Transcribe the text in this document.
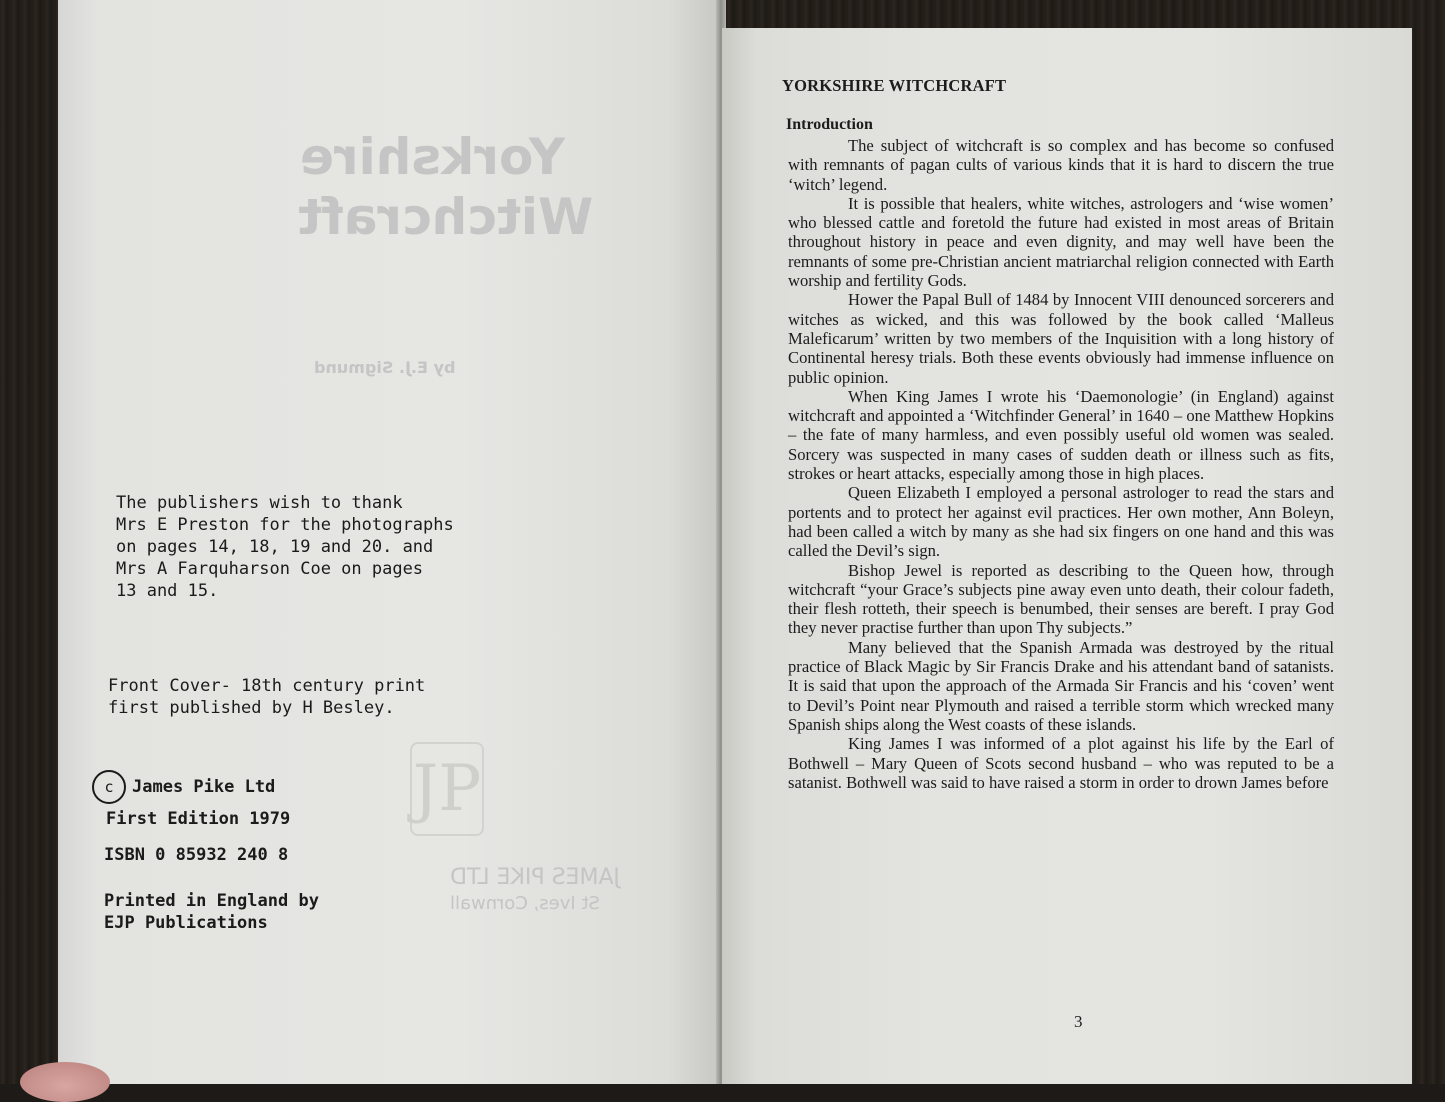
Yorkshire
Witchcraft
by E.J. Sigmund
JP
JAMES PIKE LTD
St Ives, Cornwall
The publishers wish to thank
Mrs E Preston for the photographs
on pages 14, 18, 19 and 20. and
Mrs A Farquharson Coe on pages
13 and 15.
Front Cover- 18th century print
first published by H Besley.
c	James Pike Ltd
First Edition 1979
ISBN 0 85932 240 8
Printed in England by
EJP Publications
YORKSHIRE WITCHCRAFT
Introduction

The subject of witchcraft is so complex and has become so confused with remnants of pagan cults of various kinds that it is hard to discern the true ‘witch’ legend.

It is possible that healers, white witches, astrologers and ‘wise women’ who blessed cattle and foretold the future had existed in most areas of Britain throughout history in peace and even dignity, and may well have been the remnants of some pre-Christian ancient matriarchal religion connected with Earth worship and fertility Gods.

Hower the Papal Bull of 1484 by Innocent VIII denounced sorcerers and witches as wicked, and this was followed by the book called ‘Malleus Maleficarum’ written by two members of the Inquisition with a long history of Continental heresy trials. Both these events obviously had immense influence on public opinion.

When King James I wrote his ‘Daemonologie’ (in England) against witchcraft and appointed a ‘Witchfinder General’ in 1640 – one Matthew Hopkins – the fate of many harmless, and even possibly useful old women was sealed. Sorcery was suspected in many cases of sudden death or illness such as fits, strokes or heart attacks, especially among those in high places.

Queen Elizabeth I employed a personal astrologer to read the stars and portents and to protect her against evil practices. Her own mother, Ann Boleyn, had been called a witch by many as she had six fingers on one hand and this was called the Devil’s sign.

Bishop Jewel is reported as describing to the Queen how, through witchcraft “your Grace’s subjects pine away even unto death, their colour fadeth, their flesh rotteth, their speech is benumbed, their senses are bereft. I pray God they never practise further than upon Thy subjects.”

Many believed that the Spanish Armada was destroyed by the ritual practice of Black Magic by Sir Francis Drake and his attendant band of satanists. It is said that upon the approach of the Armada Sir Francis and his ‘coven’ went to Devil’s Point near Plymouth and raised a terrible storm which wrecked many Spanish ships along the West coasts of these islands.

King James I was informed of a plot against his life by the Earl of Bothwell – Mary Queen of Scots second husband – who was reputed to be a satanist. Bothwell was said to have raised a storm in order to drown James before

3
